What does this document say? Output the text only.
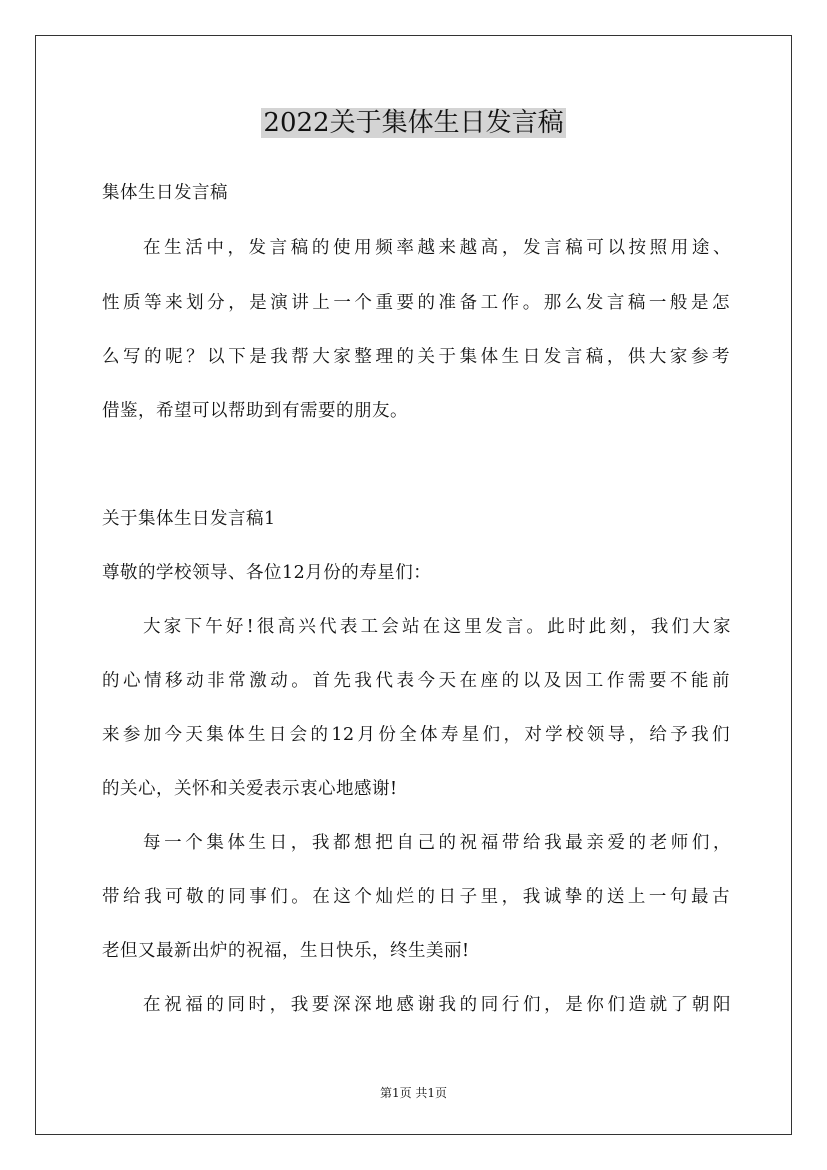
2022关于集体生日发言稿
集体生日发言稿
在生活中，发言稿的使用频率越来越高，发言稿可以按照用途、
性质等来划分，是演讲上一个重要的准备工作。那么发言稿一般是怎
么写的呢？以下是我帮大家整理的关于集体生日发言稿，供大家参考
借鉴，希望可以帮助到有需要的朋友。
关于集体生日发言稿1
尊敬的学校领导、各位12月份的寿星们：
大家下午好!很高兴代表工会站在这里发言。此时此刻，我们大家
的心情移动非常激动。首先我代表今天在座的以及因工作需要不能前
来参加今天集体生日会的12月份全体寿星们，对学校领导，给予我们
的关心，关怀和关爱表示衷心地感谢!
每一个集体生日，我都想把自己的祝福带给我最亲爱的老师们，
带给我可敬的同事们。在这个灿烂的日子里，我诚挚的送上一句最古
老但又最新出炉的祝福，生日快乐，终生美丽!
在祝福的同时，我要深深地感谢我的同行们，是你们造就了朝阳
第1页 共1页
